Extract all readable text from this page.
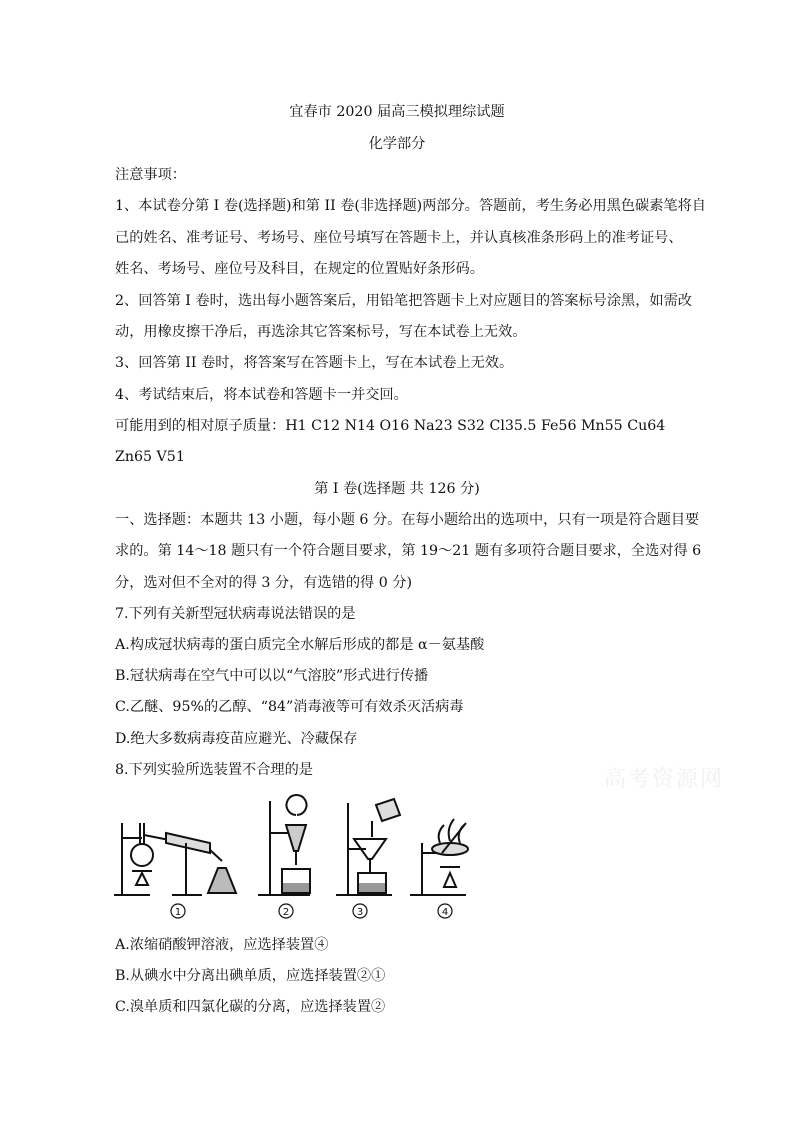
宜春市 2020 届高三模拟理综试题
化学部分
注意事项：
1、本试卷分第 I 卷(选择题)和第 II 卷(非选择题)两部分。答题前，考生务必用黑色碳素笔将自
己的姓名、准考证号、考场号、座位号填写在答题卡上，并认真核准条形码上的准考证号、
姓名、考场号、座位号及科目，在规定的位置贴好条形码。
2、回答第 I 卷时，选出每小题答案后，用铅笔把答题卡上对应题目的答案标号涂黑，如需改
动，用橡皮擦干净后，再选涂其它答案标号，写在本试卷上无效。
3、回答第 II 卷时，将答案写在答题卡上，写在本试卷上无效。
4、考试结束后，将本试卷和答题卡一并交回。
可能用到的相对原子质量：H1 C12 N14 O16 Na23 S32 Cl35.5 Fe56 Mn55 Cu64
Zn65 V51
第 I 卷(选择题 共 126 分)
一、选择题：本题共 13 小题，每小题 6 分。在每小题给出的选项中，只有一项是符合题目要
求的。第 14～18 题只有一个符合题目要求，第 19～21 题有多项符合题目要求，全选对得 6
分，选对但不全对的得 3 分，有选错的得 0 分)
7.下列有关新型冠状病毒说法错误的是
A.构成冠状病毒的蛋白质完全水解后形成的都是 α－氨基酸
B.冠状病毒在空气中可以以“气溶胶”形式进行传播
C.乙醚、95%的乙醇、“84”消毒液等可有效杀灭活病毒
D.绝大多数病毒疫苗应避光、冷藏保存
8.下列实验所选装置不合理的是	高考资源网
1	2	3	4
A.浓缩硝酸钾溶液，应选择装置④
B.从碘水中分离出碘单质，应选择装置②①
C.溴单质和四氯化碳的分离，应选择装置②
